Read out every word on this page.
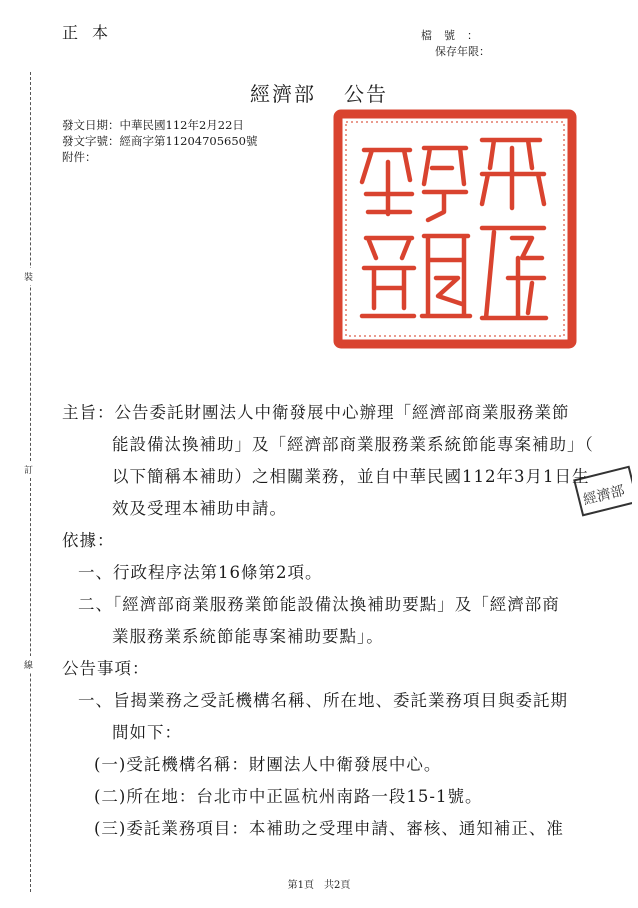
正本	檔號：
保存年限：
經濟部 公告
發文日期：中華民國112年2月22日
發文字號：經商字第11204705650號
附件：
裝
訂
線
經濟部
主旨：公告委託財團法人中衛發展中心辦理「經濟部商業服務業節
能設備汰換補助」及「經濟部商業服務業系統節能專案補助」（
以下簡稱本補助）之相關業務，並自中華民國112年3月1日生
效及受理本補助申請。
依據：
一、行政程序法第16條第2項。
二、「經濟部商業服務業節能設備汰換補助要點」及「經濟部商
業服務業系統節能專案補助要點」。
公告事項：
一、旨揭業務之受託機構名稱、所在地、委託業務項目與委託期
間如下：
(一)受託機構名稱：財團法人中衛發展中心。
(二)所在地：台北市中正區杭州南路一段15-1號。
(三)委託業務項目：本補助之受理申請、審核、通知補正、准
第1頁 共2頁
